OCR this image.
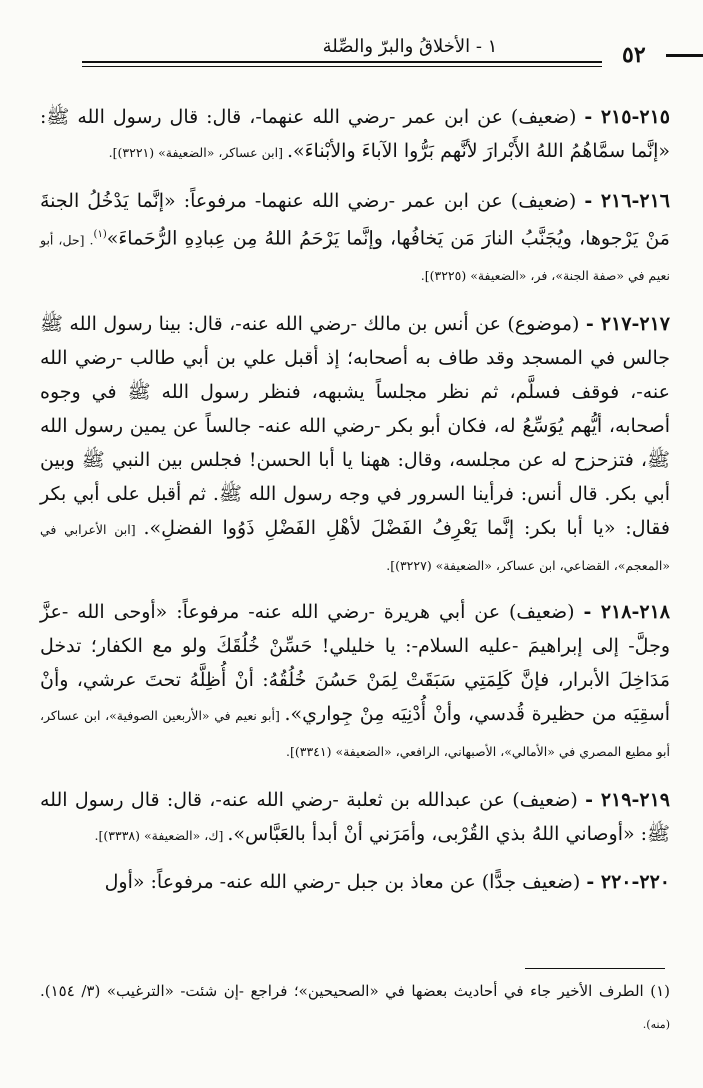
٥٢
١ - الأخلاقُ والبرّ والصِّلة

٢١٥-٢١٥ - (ضعيف) عن ابن عمر -رضي الله عنهما-، قال: قال رسول الله ﷺ: «إنَّما سمَّاهُمُ اللهُ الأَبْرارَ لأنَّهم بَرُّوا الآباءَ والأبْناءَ». [ابن عساكر، «الضعيفة» (٣٢٢١)].

٢١٦-٢١٦ - (ضعيف) عن ابن عمر -رضي الله عنهما- مرفوعاً: «إنَّما يَدْخُلُ الجنةَ مَنْ يَرْجوها، ويُجَنَّبُ النارَ مَن يَخافُها، وإنَّما يَرْحَمُ اللهُ مِن عِبادِهِ الرُّحَماءَ»$^{(١)}$. [حل، أبو نعيم في «صفة الجنة»، فر، «الضعيفة» (٣٢٢٥)].

٢١٧-٢١٧ - (موضوع) عن أنس بن مالك -رضي الله عنه-، قال: بينا رسول الله ﷺ جالس في المسجد وقد طاف به أصحابه؛ إذ أقبل علي بن أبي طالب -رضي الله عنه-، فوقف فسلَّم، ثم نظر مجلساً يشبهه، فنظر رسول الله ﷺ في وجوه أصحابه، أيُّهم يُوَسِّعُ له، فكان أبو بكر -رضي الله عنه- جالساً عن يمين رسول الله ﷺ، فتزحزح له عن مجلسه، وقال: ههنا يا أبا الحسن! فجلس بين النبي ﷺ وبين أبي بكر. قال أنس: فرأينا السرور في وجه رسول الله ﷺ. ثم أقبل على أبي بكر فقال: «يا أبا بكر: إنَّما يَعْرِفُ الفَضْلَ لأهْلِ الفَضْلِ ذَوُوا الفضلِ». [ابن الأعرابي في «المعجم»، القضاعي، ابن عساكر، «الضعيفة» (٣٢٢٧)].

٢١٨-٢١٨ - (ضعيف) عن أبي هريرة -رضي الله عنه- مرفوعاً: «أوحى الله -عزَّ وجلَّ- إلى إبراهيمَ -عليه السلام-: يا خليلي! حَسِّنْ خُلُقَكَ ولو مع الكفار؛ تدخل مَدَاخِلَ الأبرار، فإنَّ كَلِمَتِي سَبَقَتْ لِمَنْ حَسُنَ خُلُقُهُ: أنْ أُظِلَّهُ تحتَ عرشي، وأنْ أسقِيَه من حظيرة قُدسي، وأنْ أُدْنِيَه مِنْ جِواري». [أبو نعيم في «الأربعين الصوفية»، ابن عساكر، أبو مطيع المصري في «الأمالي»، الأصبهاني، الرافعي، «الضعيفة» (٣٣٤١)].

٢١٩-٢١٩ - (ضعيف) عن عبدالله بن ثعلبة -رضي الله عنه-، قال: قال رسول الله ﷺ: «أوصاني اللهُ بذي القُرْبى، وأمَرَني أنْ أبدأ بالعَبَّاس». [ك، «الضعيفة» (٣٣٣٨)].

٢٢٠-٢٢٠ - (ضعيف جدًّا) عن معاذ بن جبل -رضي الله عنه- مرفوعاً: «أول

(١) الطرف الأخير جاء في أحاديث بعضها في «الصحيحين»؛ فراجع -إن شئت- «الترغيب» (٣/ ١٥٤). (منه).
